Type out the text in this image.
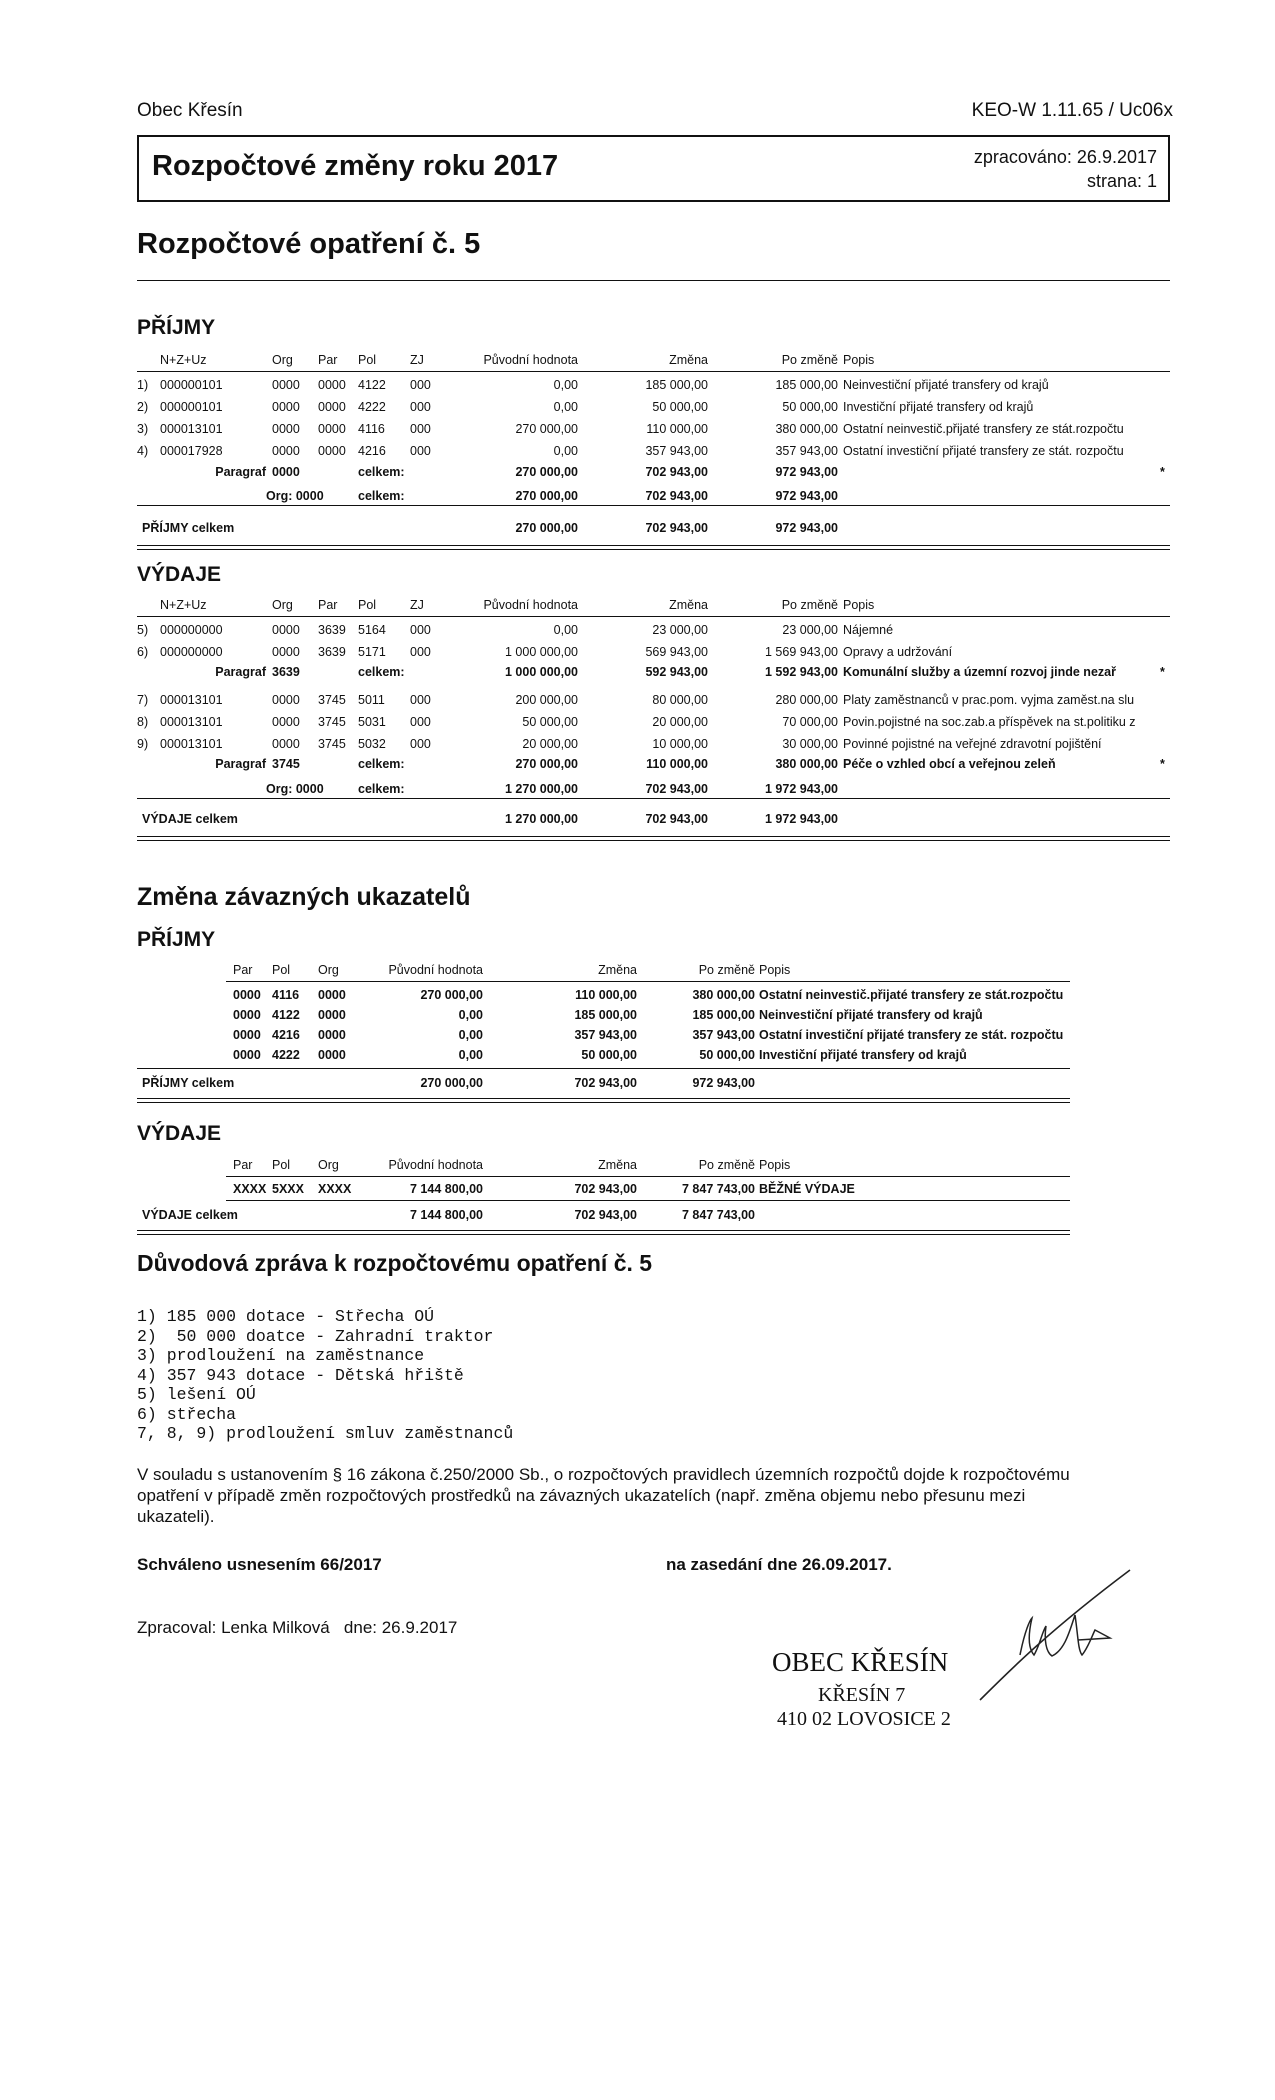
Obec Křesín	KEO-W 1.11.65 / Uc06x
Rozpočtové změny roku 2017	zpracováno: 26.9.2017
strana: 1
Rozpočtové opatření č. 5
PŘÍJMY
N+Z+Uz	Org Par Pol	ZJ	Původní hodnota	Změna	Po změně Popis
1) 000000101	0000 0000 4122 000	0,00	185 000,00	185 000,00 Neinvestiční přijaté transfery od krajů
2) 000000101	0000 0000 4222 000	0,00	50 000,00	50 000,00 Investiční přijaté transfery od krajů
3) 000013101	0000 0000 4116 000	270 000,00	110 000,00	380 000,00 Ostatní neinvestič.přijaté transfery ze stát.rozpočtu
4) 000017928	0000 0000 4216 000	0,00	357 943,00	357 943,00 Ostatní investiční přijaté transfery ze stát. rozpočtu
Paragraf 0000	celkem:	270 000,00	702 943,00	972 943,00	*
Org: 0000	celkem:	270 000,00	702 943,00	972 943,00
PŘÍJMY celkem	270 000,00	702 943,00	972 943,00
VÝDAJE
N+Z+Uz	Org Par Pol	ZJ	Původní hodnota	Změna	Po změně Popis
5) 000000000	0000 3639 5164 000	0,00	23 000,00	23 000,00 Nájemné
6) 000000000	0000 3639 5171 000	1 000 000,00	569 943,00	1 569 943,00 Opravy a udržování
Paragraf 3639	celkem:	1 000 000,00	592 943,00	1 592 943,00 Komunální služby a územní rozvoj jinde nezař	*
7) 000013101	0000 3745 5011 000	200 000,00	80 000,00	280 000,00 Platy zaměstnanců v prac.pom. vyjma zaměst.na slu
8) 000013101	0000 3745 5031 000	50 000,00	20 000,00	70 000,00 Povin.pojistné na soc.zab.a příspěvek na st.politiku z
9) 000013101	0000 3745 5032 000	20 000,00	10 000,00	30 000,00 Povinné pojistné na veřejné zdravotní pojištění
Paragraf 3745	celkem:	270 000,00	110 000,00	380 000,00 Péče o vzhled obcí a veřejnou zeleň	*
Org: 0000	celkem:	1 270 000,00	702 943,00	1 972 943,00
VÝDAJE celkem	1 270 000,00	702 943,00	1 972 943,00
Změna závazných ukazatelů
PŘÍJMY
VÝDAJE
Par Pol Org	Původní hodnota	Změna	Po změně Popis
0000 4116 0000	270 000,00	110 000,00	380 000,00 Ostatní neinvestič.přijaté transfery ze stát.rozpočtu
0000 4122 0000	0,00	185 000,00	185 000,00 Neinvestiční přijaté transfery od krajů
0000 4216 0000	0,00	357 943,00	357 943,00 Ostatní investiční přijaté transfery ze stát. rozpočtu
0000 4222 0000	0,00	50 000,00	50 000,00 Investiční přijaté transfery od krajů
PŘÍJMY celkem	270 000,00	702 943,00	972 943,00
Par Pol Org	Původní hodnota	Změna	Po změně Popis
XXXX 5XXX XXXX	7 144 800,00	702 943,00	7 847 743,00 BĚŽNÉ VÝDAJE
VÝDAJE celkem	7 144 800,00	702 943,00	7 847 743,00
Důvodová zpráva k rozpočtovému opatření č. 5
1) 185 000 dotace - Střecha OÚ
2)  50 000 doatce - Zahradní traktor
3) prodloužení na zaměstnance
4) 357 943 dotace - Dětská hřiště
5) lešení OÚ
6) střecha
7, 8, 9) prodloužení smluv zaměstnanců
V souladu s ustanovením § 16 zákona č.250/2000 Sb., o rozpočtových pravidlech územních rozpočtů dojde k rozpočtovému opatření v případě změn rozpočtových prostředků na závazných ukazatelích (např. změna objemu nebo přesunu mezi ukazateli).
Schváleno usnesením 66/2017	na zasedání dne 26.09.2017.
Zpracoval: Lenka Milková   dne: 26.9.2017
OBEC KŘESÍN
KŘESÍN 7
410 02 LOVOSICE 2
